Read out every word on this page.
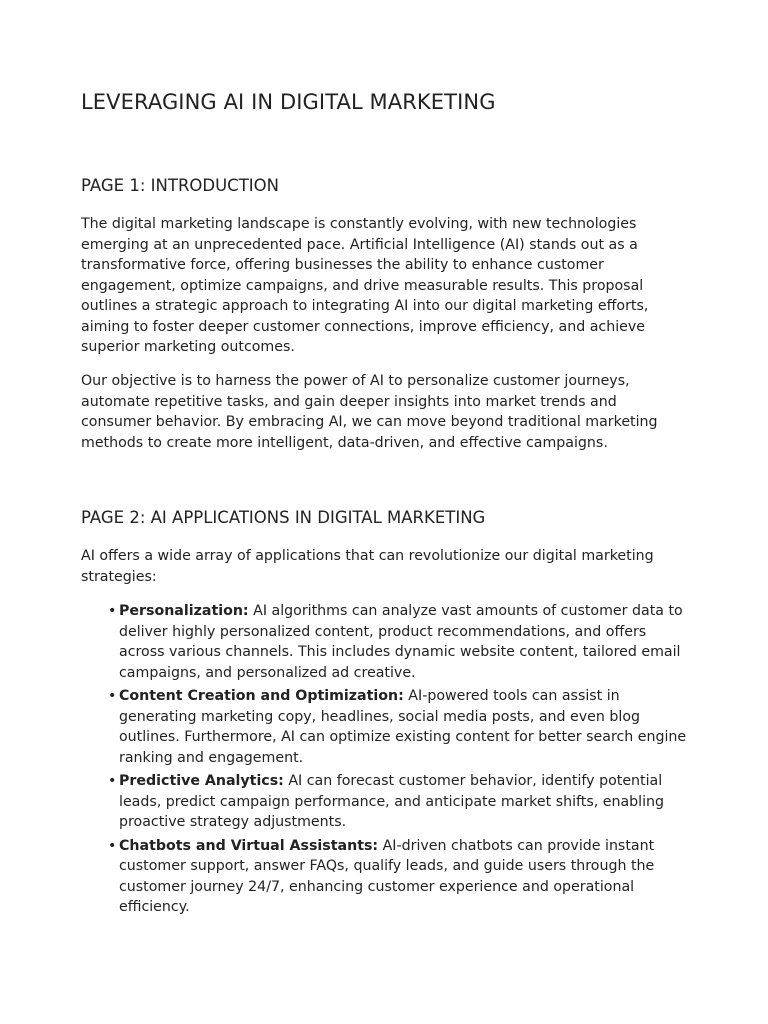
LEVERAGING AI IN DIGITAL MARKETING
PAGE 1: INTRODUCTION

The digital marketing landscape is constantly evolving, with new technologies emerging at an unprecedented pace. Artificial Intelligence (AI) stands out as a transformative force, offering businesses the ability to enhance customer engagement, optimize campaigns, and drive measurable results. This proposal outlines a strategic approach to integrating AI into our digital marketing efforts, aiming to foster deeper customer connections, improve efficiency, and achieve superior marketing outcomes.

Our objective is to harness the power of AI to personalize customer journeys, automate repetitive tasks, and gain deeper insights into market trends and consumer behavior. By embracing AI, we can move beyond traditional marketing methods to create more intelligent, data-driven, and effective campaigns.

PAGE 2: AI APPLICATIONS IN DIGITAL MARKETING

AI offers a wide array of applications that can revolutionize our digital marketing strategies:

• Personalization: AI algorithms can analyze vast amounts of customer data to deliver highly personalized content, product recommendations, and offers across various channels. This includes dynamic website content, tailored email campaigns, and personalized ad creative.
• Content Creation and Optimization: AI-powered tools can assist in generating marketing copy, headlines, social media posts, and even blog outlines. Furthermore, AI can optimize existing content for better search engine ranking and engagement.
• Predictive Analytics: AI can forecast customer behavior, identify potential leads, predict campaign performance, and anticipate market shifts, enabling proactive strategy adjustments.
• Chatbots and Virtual Assistants: AI-driven chatbots can provide instant customer support, answer FAQs, qualify leads, and guide users through the customer journey 24/7, enhancing customer experience and operational efficiency.
